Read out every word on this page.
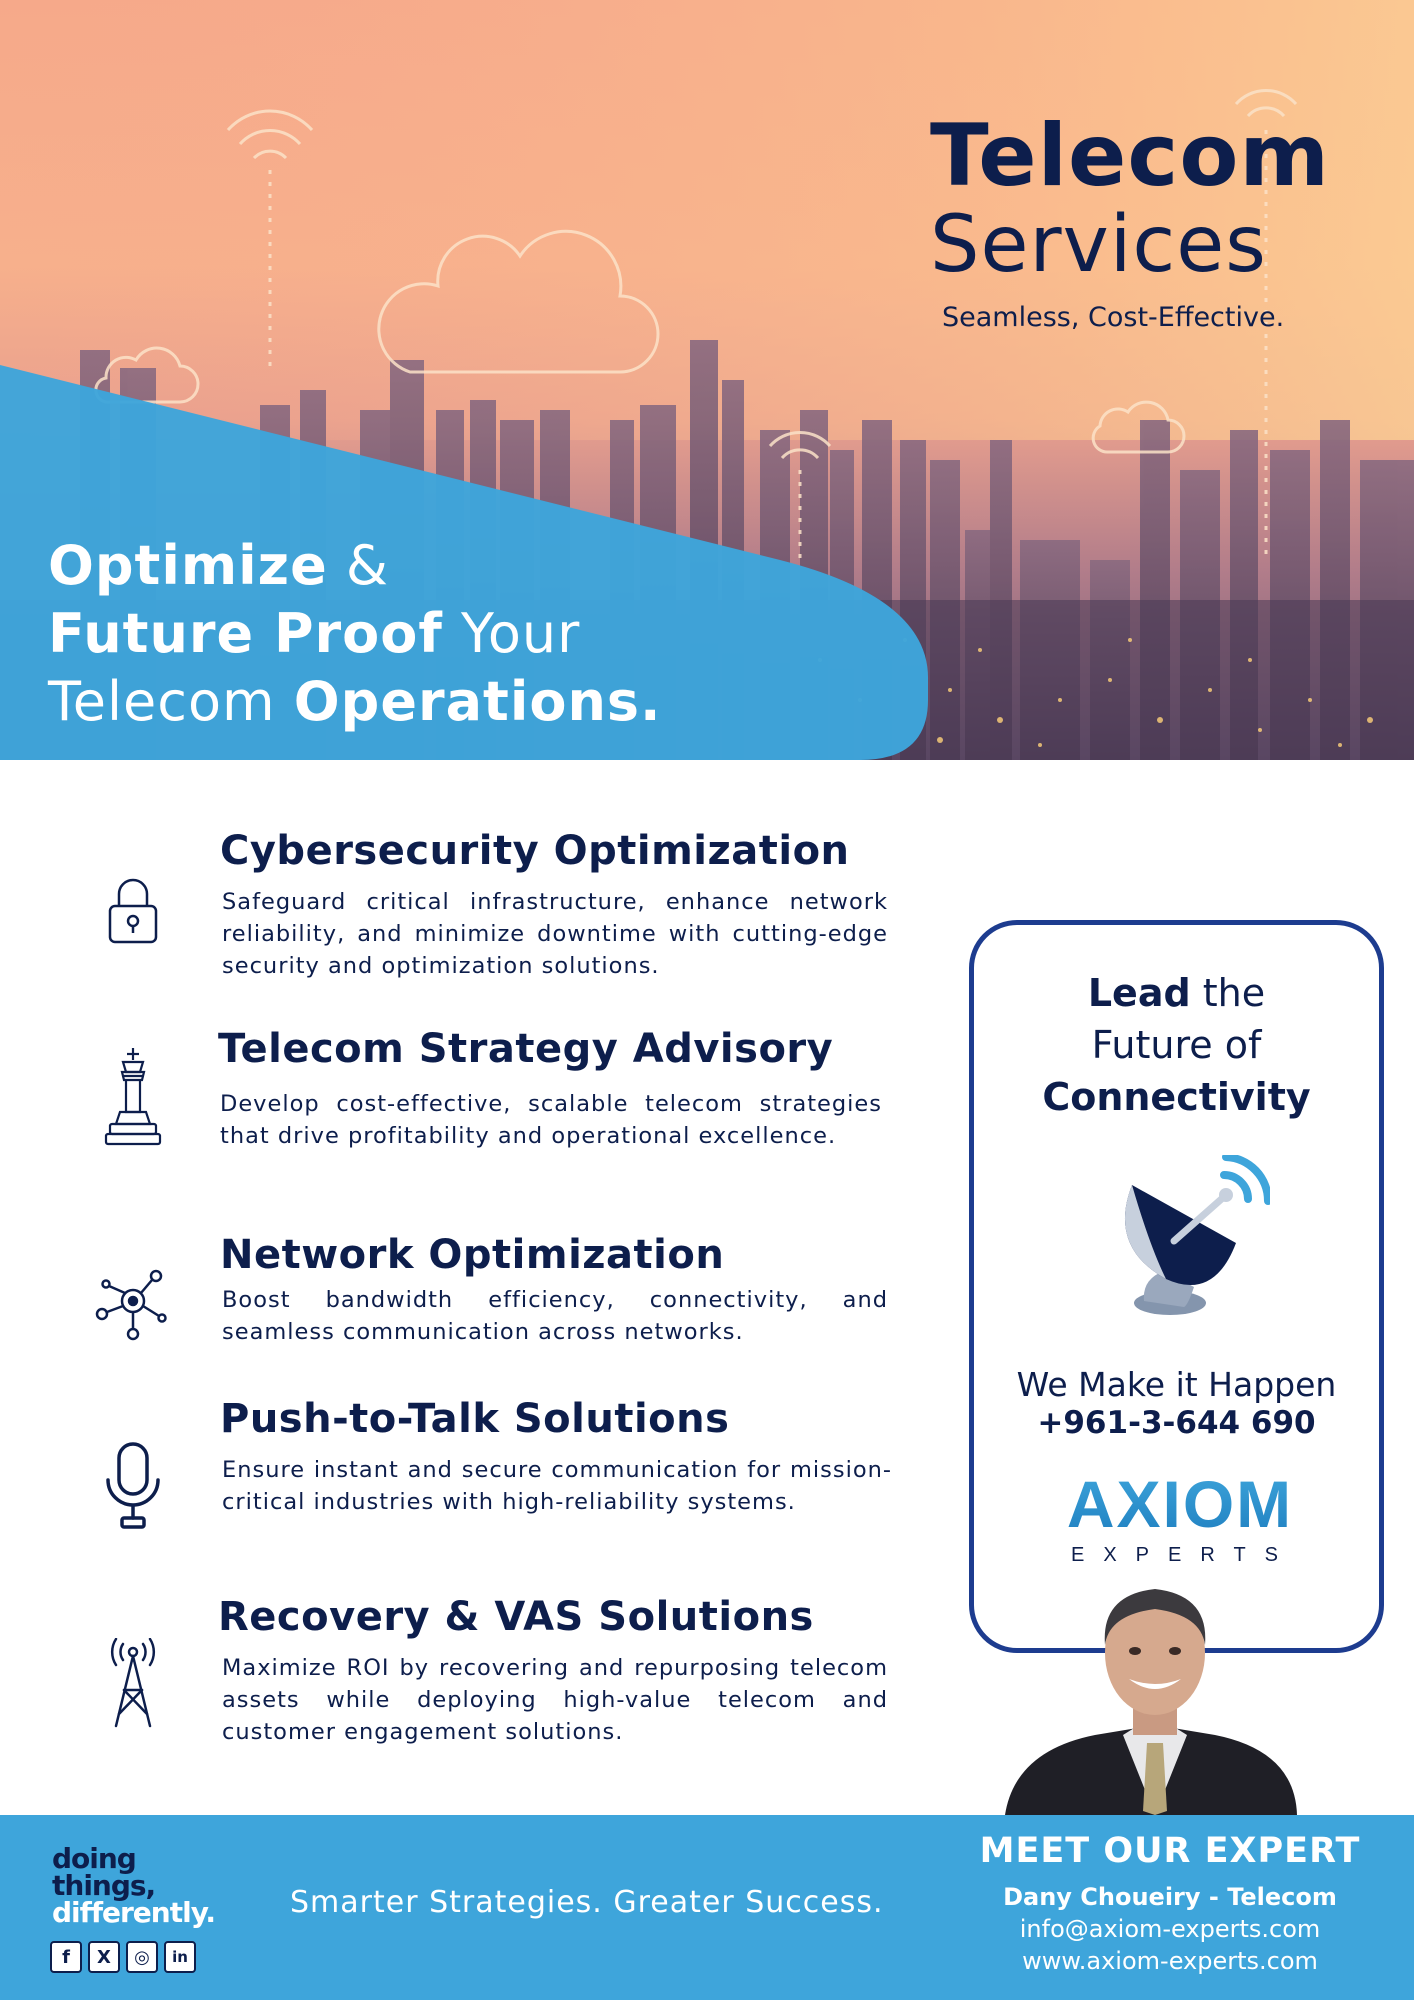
Telecom
Services
Seamless, Cost-Effective.
Optimize &
Future Proof Your
Telecom Operations.
Cybersecurity Optimization
Safeguard critical infrastructure, enhance network reliability, and minimize downtime with cutting-edge security and optimization solutions.
Telecom Strategy Advisory
Develop cost-effective, scalable telecom strategies that drive profitability and operational excellence.
Network Optimization
Boost bandwidth efficiency, connectivity, and seamless communication across networks.
Push-to-Talk Solutions
Ensure instant and secure communication for mission-critical industries with high-reliability systems.
Recovery & VAS Solutions
Maximize ROI by recovering and repurposing telecom assets while deploying high-value telecom and customer engagement solutions.
Lead the
Future of
Connectivity
We Make it Happen
+961-3-644 690
AXIOM
EXPERTS
doing
things,
differently.
f	X	◎	in
Smarter Strategies. Greater Success.
MEET OUR EXPERT
Dany Choueiry - Telecom
info@axiom-experts.com
www.axiom-experts.com
